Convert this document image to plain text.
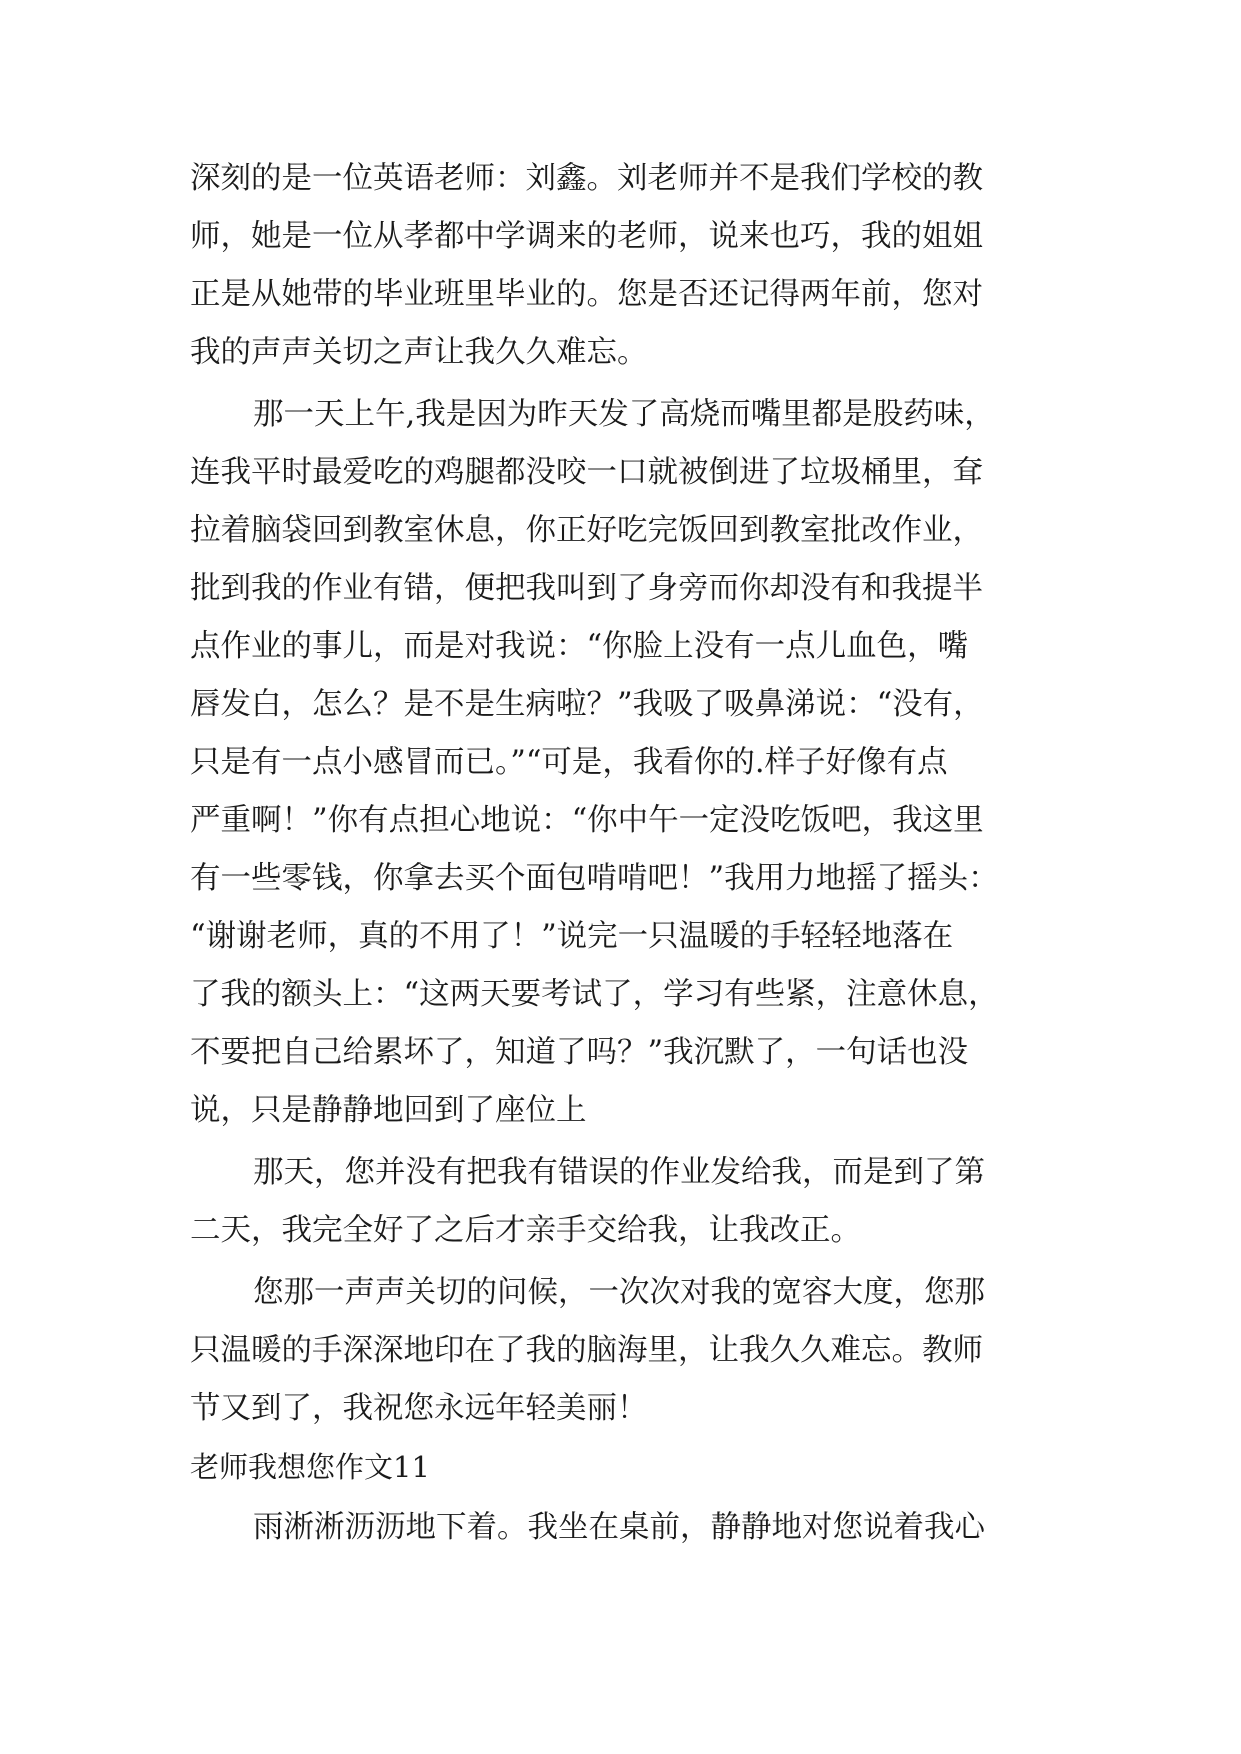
深刻的是一位英语老师：刘鑫。刘老师并不是我们学校的教
师，她是一位从孝都中学调来的老师，说来也巧，我的姐姐
正是从她带的毕业班里毕业的。您是否还记得两年前，您对
我的声声关切之声让我久久难忘。
那一天上午,我是因为昨天发了高烧而嘴里都是股药味，
连我平时最爱吃的鸡腿都没咬一口就被倒进了垃圾桶里，耷
拉着脑袋回到教室休息，你正好吃完饭回到教室批改作业，
批到我的作业有错，便把我叫到了身旁而你却没有和我提半
点作业的事儿，而是对我说：“你脸上没有一点儿血色，嘴
唇发白，怎么？是不是生病啦？”我吸了吸鼻涕说：“没有，
只是有一点小感冒而已。”“可是，我看你的.样子好像有点
严重啊！”你有点担心地说：“你中午一定没吃饭吧，我这里
有一些零钱，你拿去买个面包啃啃吧！”我用力地摇了摇头：
“谢谢老师，真的不用了！”说完一只温暖的手轻轻地落在
了我的额头上：“这两天要考试了，学习有些紧，注意休息，
不要把自己给累坏了，知道了吗？”我沉默了，一句话也没
说，只是静静地回到了座位上
那天，您并没有把我有错误的作业发给我，而是到了第
二天，我完全好了之后才亲手交给我，让我改正。
您那一声声关切的问候，一次次对我的宽容大度，您那
只温暖的手深深地印在了我的脑海里，让我久久难忘。教师
节又到了，我祝您永远年轻美丽！
老师我想您作文11
雨淅淅沥沥地下着。我坐在桌前，静静地对您说着我心
